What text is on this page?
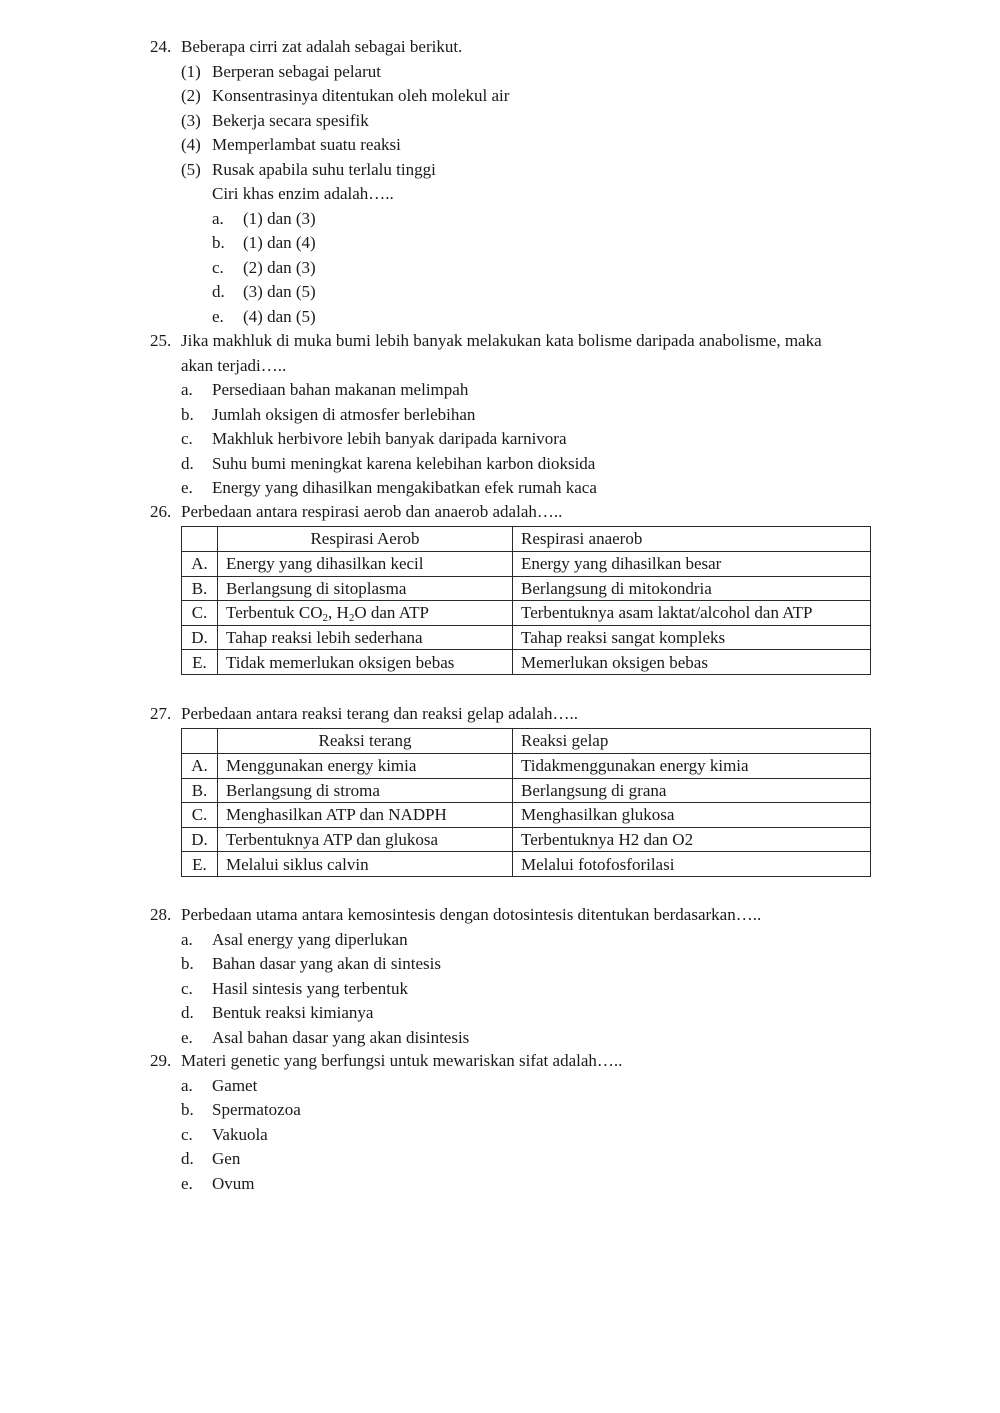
24. Beberapa cirri zat adalah sebagai berikut.
(1) Berperan sebagai pelarut
(2) Konsentrasinya ditentukan oleh molekul air
(3) Bekerja secara spesifik
(4) Memperlambat suatu reaksi
(5) Rusak apabila suhu terlalu tinggi
Ciri khas enzim adalah…..
a. (1) dan (3)
b. (1) dan (4)
c. (2) dan (3)
d. (3) dan (5)
e. (4) dan (5)
25. Jika makhluk di muka bumi lebih banyak melakukan kata bolisme daripada anabolisme, maka
akan terjadi…..
a. Persediaan bahan makanan melimpah
b. Jumlah oksigen di atmosfer berlebihan
c. Makhluk herbivore lebih banyak daripada karnivora
d. Suhu bumi meningkat karena kelebihan karbon dioksida
e. Energy yang dihasilkan mengakibatkan efek rumah kaca
26. Perbedaan antara respirasi aerob dan anaerob adalah…..
	Respirasi Aerob	Respirasi anaerob
A.	Energy yang dihasilkan kecil	Energy yang dihasilkan besar
B.	Berlangsung di sitoplasma	Berlangsung di mitokondria
C.	Terbentuk $CO_2$, $H_2O$ dan ATP	Terbentuknya asam laktat/alcohol dan ATP
D.	Tahap reaksi lebih sederhana	Tahap reaksi sangat kompleks
E.	Tidak memerlukan oksigen bebas	Memerlukan oksigen bebas
27. Perbedaan antara reaksi terang dan reaksi gelap adalah…..
	Reaksi terang	Reaksi gelap
A.	Menggunakan energy kimia	Tidakmenggunakan energy kimia
B.	Berlangsung di stroma	Berlangsung di grana
C.	Menghasilkan ATP dan NADPH	Menghasilkan glukosa
D.	Terbentuknya ATP dan glukosa	Terbentuknya H2 dan O2
E.	Melalui siklus calvin	Melalui fotofosforilasi
28. Perbedaan utama antara kemosintesis dengan dotosintesis ditentukan berdasarkan…..
a. Asal energy yang diperlukan
b. Bahan dasar yang akan di sintesis
c. Hasil sintesis yang terbentuk
d. Bentuk reaksi kimianya
e. Asal bahan dasar yang akan disintesis
29. Materi genetic yang berfungsi untuk mewariskan sifat adalah…..
a. Gamet
b. Spermatozoa
c. Vakuola
d. Gen
e. Ovum
